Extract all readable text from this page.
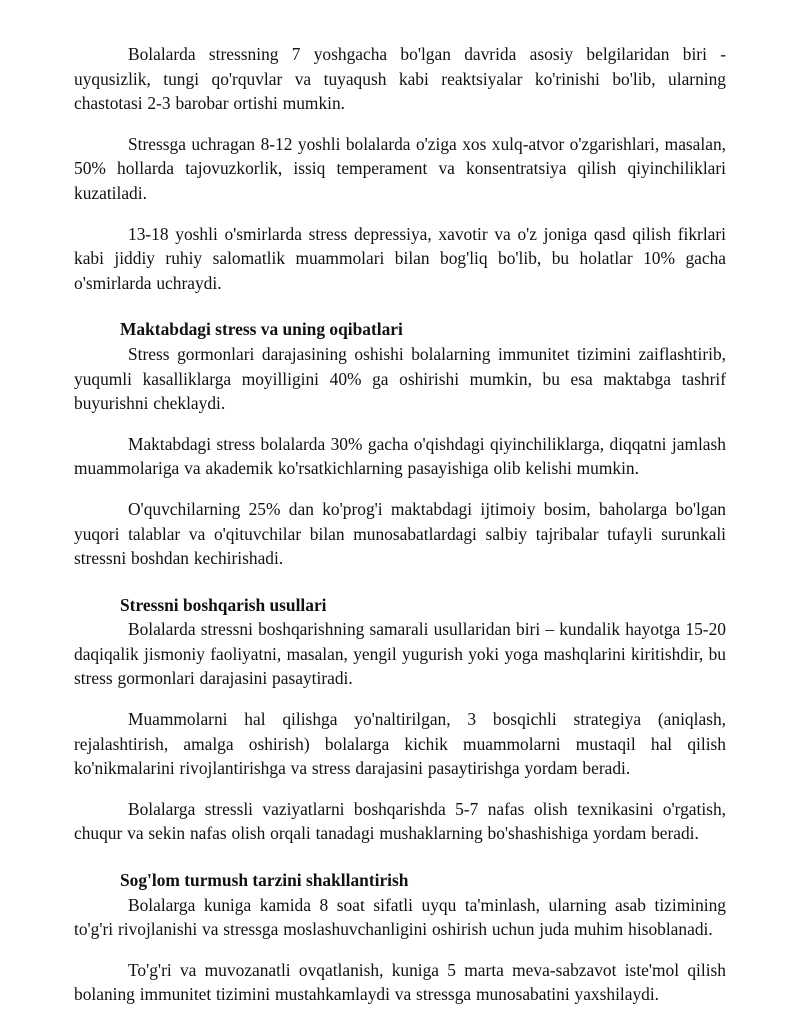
Bolalarda stressning 7 yoshgacha bo'lgan davrida asosiy belgilaridan biri - uyqusizlik, tungi qo'rquvlar va tuyaqush kabi reaktsiyalar ko'rinishi bo'lib, ularning chastotasi 2-3 barobar ortishi mumkin.

Stressga uchragan 8-12 yoshli bolalarda o'ziga xos xulq-atvor o'zgarishlari, masalan, 50% hollarda tajovuzkorlik, issiq temperament va konsentratsiya qilish qiyinchiliklari kuzatiladi.

13-18 yoshli o'smirlarda stress depressiya, xavotir va o'z joniga qasd qilish fikrlari kabi jiddiy ruhiy salomatlik muammolari bilan bog'liq bo'lib, bu holatlar 10% gacha o'smirlarda uchraydi.

Maktabdagi stress va uning oqibatlari

Stress gormonlari darajasining oshishi bolalarning immunitet tizimini zaiflashtirib, yuqumli kasalliklarga moyilligini 40% ga oshirishi mumkin, bu esa maktabga tashrif buyurishni cheklaydi.

Maktabdagi stress bolalarda 30% gacha o'qishdagi qiyinchiliklarga, diqqatni jamlash muammolariga va akademik ko'rsatkichlarning pasayishiga olib kelishi mumkin.

O'quvchilarning 25% dan ko'prog'i maktabdagi ijtimoiy bosim, baholarga bo'lgan yuqori talablar va o'qituvchilar bilan munosabatlardagi salbiy tajribalar tufayli surunkali stressni boshdan kechirishadi.

Stressni boshqarish usullari

Bolalarda stressni boshqarishning samarali usullaridan biri – kundalik hayotga 15-20 daqiqalik jismoniy faoliyatni, masalan, yengil yugurish yoki yoga mashqlarini kiritishdir, bu stress gormonlari darajasini pasaytiradi.

Muammolarni hal qilishga yo'naltirilgan, 3 bosqichli strategiya (aniqlash, rejalashtirish, amalga oshirish) bolalarga kichik muammolarni mustaqil hal qilish ko'nikmalarini rivojlantirishga va stress darajasini pasaytirishga yordam beradi.

Bolalarga stressli vaziyatlarni boshqarishda 5-7 nafas olish texnikasini o'rgatish, chuqur va sekin nafas olish orqali tanadagi mushaklarning bo'shashishiga yordam beradi.

Sog'lom turmush tarzini shakllantirish

Bolalarga kuniga kamida 8 soat sifatli uyqu ta'minlash, ularning asab tizimining to'g'ri rivojlanishi va stressga moslashuvchanligini oshirish uchun juda muhim hisoblanadi.

To'g'ri va muvozanatli ovqatlanish, kuniga 5 marta meva-sabzavot iste'mol qilish bolaning immunitet tizimini mustahkamlaydi va stressga munosabatini yaxshilaydi.
